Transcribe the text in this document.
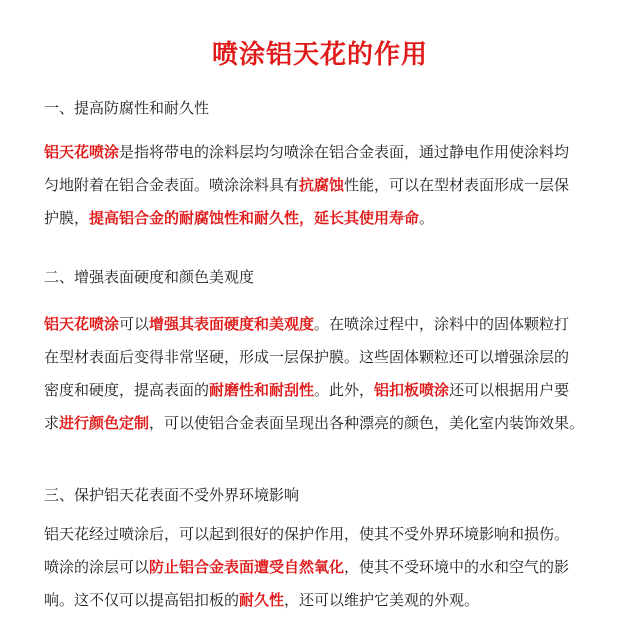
喷涂铝天花的作用
一、提高防腐性和耐久性
铝天花喷涂是指将带电的涂料层均匀喷涂在铝合金表面，通过静电作用使涂料均
匀地附着在铝合金表面。喷涂涂料具有抗腐蚀性能，可以在型材表面形成一层保
护膜，提高铝合金的耐腐蚀性和耐久性，延长其使用寿命。
二、增强表面硬度和颜色美观度
铝天花喷涂可以增强其表面硬度和美观度。在喷涂过程中，涂料中的固体颗粒打
在型材表面后变得非常坚硬，形成一层保护膜。这些固体颗粒还可以增强涂层的
密度和硬度，提高表面的耐磨性和耐刮性。此外，铝扣板喷涂还可以根据用户要
求进行颜色定制，可以使铝合金表面呈现出各种漂亮的颜色，美化室内装饰效果。
三、保护铝天花表面不受外界环境影响
铝天花经过喷涂后，可以起到很好的保护作用，使其不受外界环境影响和损伤。
喷涂的涂层可以防止铝合金表面遭受自然氧化，使其不受环境中的水和空气的影
响。这不仅可以提高铝扣板的耐久性，还可以维护它美观的外观。
